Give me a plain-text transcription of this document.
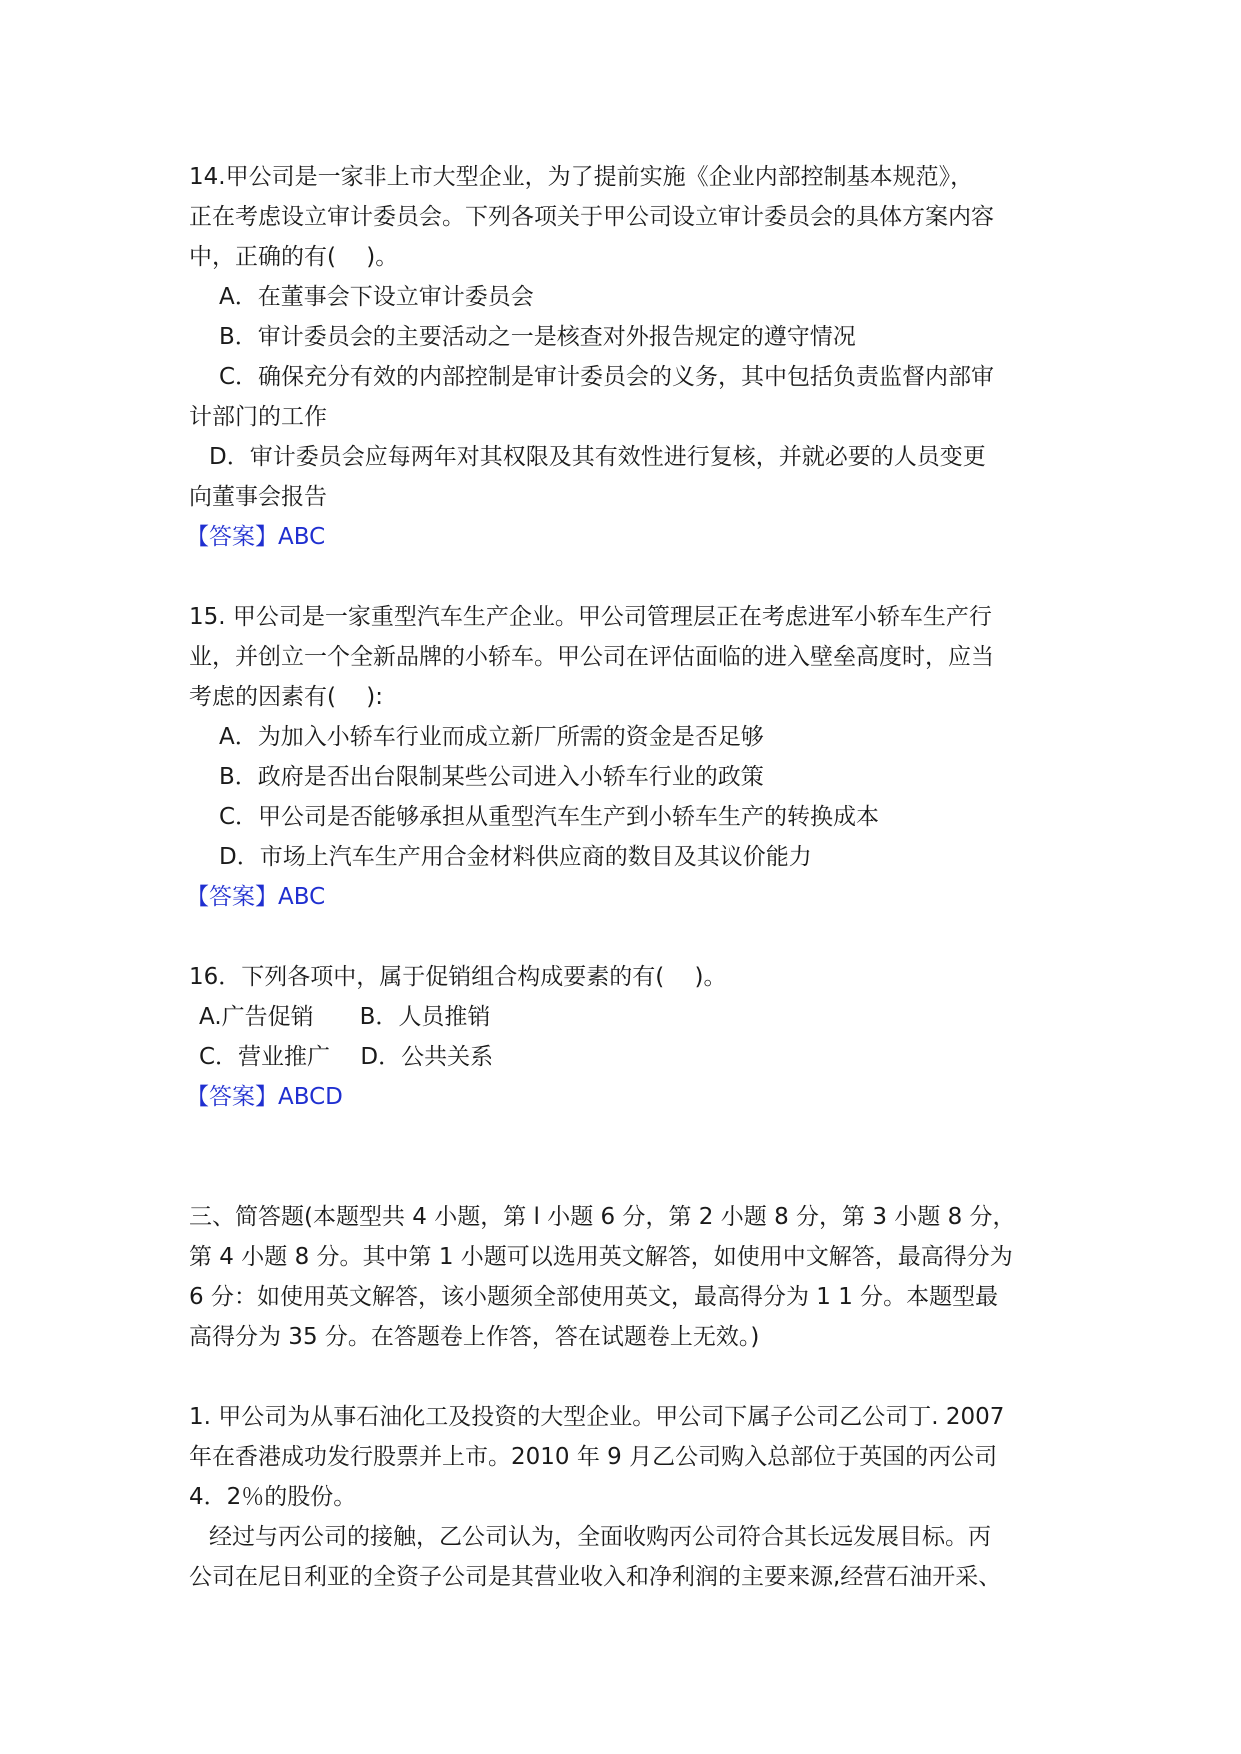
14.甲公司是一家非上市大型企业，为了提前实施《企业内部控制基本规范》，
正在考虑设立审计委员会。下列各项关于甲公司设立审计委员会的具体方案内容
中，正确的有(　 )。
A．在董事会下设立审计委员会
B．审计委员会的主要活动之一是核查对外报告规定的遵守情况
C．确保充分有效的内部控制是审计委员会的义务，其中包括负责监督内部审
计部门的工作
D．审计委员会应每两年对其权限及其有效性进行复核，并就必要的人员变更
向董事会报告
【答案】ABC
15. 甲公司是一家重型汽车生产企业。甲公司管理层正在考虑进军小轿车生产行
业，并创立一个全新品牌的小轿车。甲公司在评估面临的进入壁垒高度时，应当
考虑的因素有(　 ):
A．为加入小轿车行业而成立新厂所需的资金是否足够
B．政府是否出台限制某些公司进入小轿车行业的政策
C．甲公司是否能够承担从重型汽车生产到小轿车生产的转换成本
D．市场上汽车生产用合金材料供应商的数目及其议价能力
【答案】ABC
16．下列各项中，属于促销组合构成要素的有(　 )。
A.广告促销　　B．人员推销
C．营业推广　 D．公共关系
【答案】ABCD
三、简答题(本题型共 4 小题，第 l 小题 6 分，第 2 小题 8 分，第 3 小题 8 分，
第 4 小题 8 分。其中第 1 小题可以选用英文解答，如使用中文解答，最高得分为
6 分：如使用英文解答，该小题须全部使用英文，最高得分为 1 1 分。本题型最
高得分为 35 分。在答题卷上作答，答在试题卷上无效。)
1. 甲公司为从事石油化工及投资的大型企业。甲公司下属子公司乙公司丁. 2007
年在香港成功发行股票并上市。2010 年 9 月乙公司购入总部位于英国的丙公司
4．2％的股份。
经过与丙公司的接触，乙公司认为，全面收购丙公司符合其长远发展目标。丙
公司在尼日利亚的全资子公司是其营业收入和净利润的主要来源,经营石油开采、
